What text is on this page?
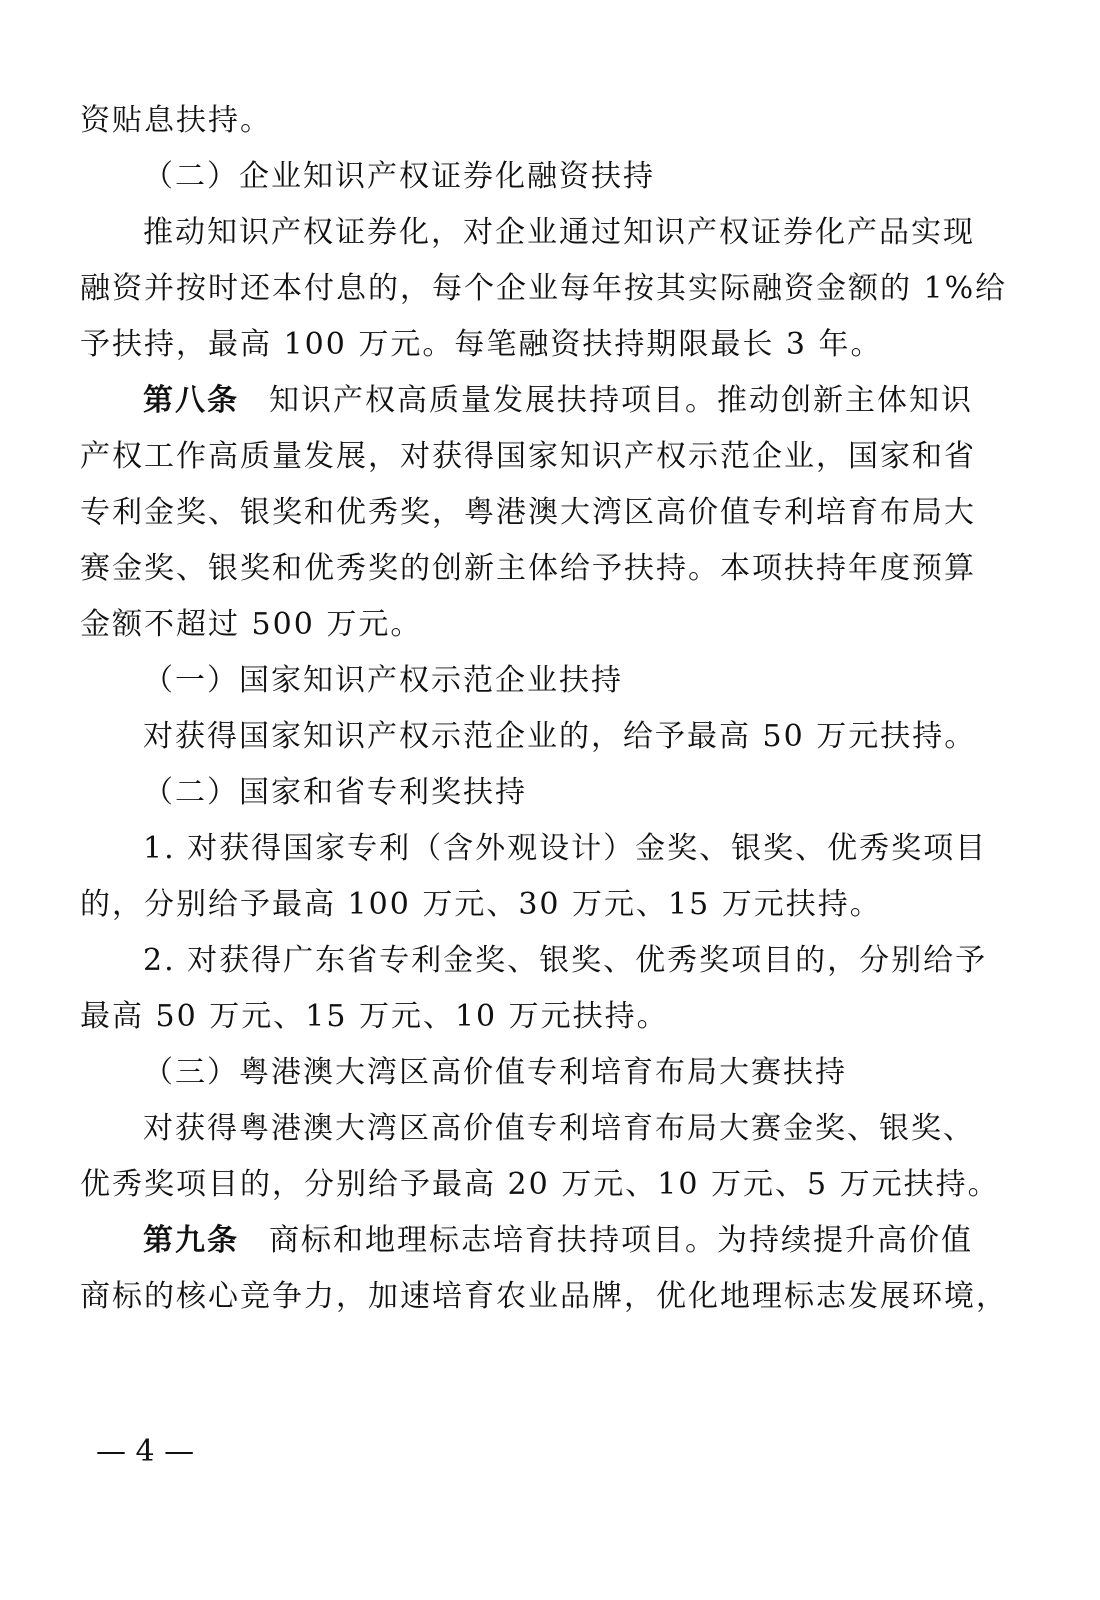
资贴息扶持。
（二）企业知识产权证券化融资扶持
推动知识产权证券化，对企业通过知识产权证券化产品实现
融资并按时还本付息的，每个企业每年按其实际融资金额的 1%给
予扶持，最高 100 万元。每笔融资扶持期限最长 3 年。
第八条 知识产权高质量发展扶持项目。推动创新主体知识
产权工作高质量发展，对获得国家知识产权示范企业，国家和省
专利金奖、银奖和优秀奖，粤港澳大湾区高价值专利培育布局大
赛金奖、银奖和优秀奖的创新主体给予扶持。本项扶持年度预算
金额不超过 500 万元。
（一）国家知识产权示范企业扶持
对获得国家知识产权示范企业的，给予最高 50 万元扶持。
（二）国家和省专利奖扶持
1. 对获得国家专利（含外观设计）金奖、银奖、优秀奖项目
的，分别给予最高 100 万元、30 万元、15 万元扶持。
2. 对获得广东省专利金奖、银奖、优秀奖项目的，分别给予
最高 50 万元、15 万元、10 万元扶持。
（三）粤港澳大湾区高价值专利培育布局大赛扶持
对获得粤港澳大湾区高价值专利培育布局大赛金奖、银奖、
优秀奖项目的，分别给予最高 20 万元、10 万元、5 万元扶持。
第九条 商标和地理标志培育扶持项目。为持续提升高价值
商标的核心竞争力，加速培育农业品牌，优化地理标志发展环境，
— 4 —
